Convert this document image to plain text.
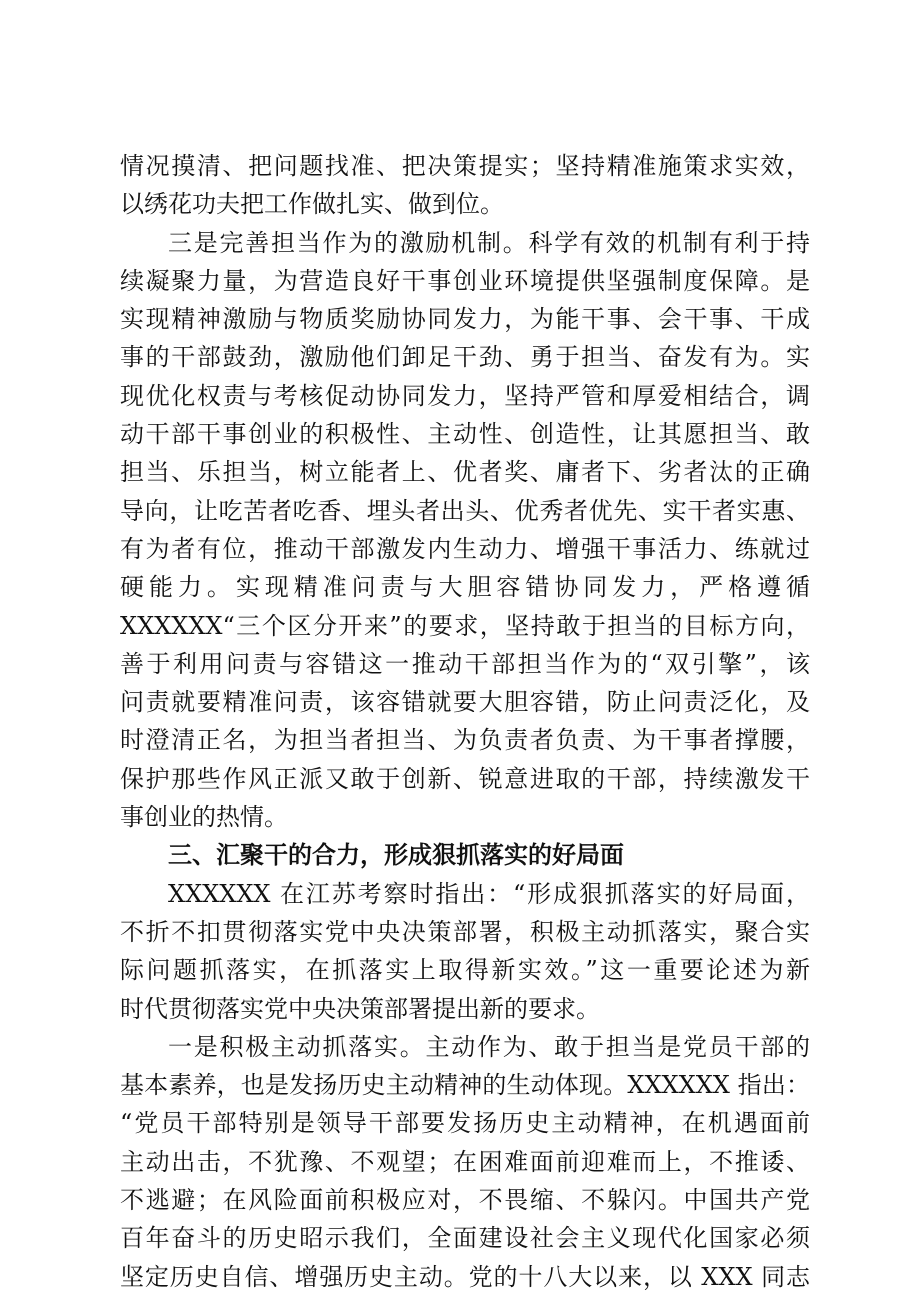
情况摸清、把问题找准、把决策提实；坚持精准施策求实效，
以绣花功夫把工作做扎实、做到位。
三是完善担当作为的激励机制。科学有效的机制有利于持
续凝聚力量，为营造良好干事创业环境提供坚强制度保障。是
实现精神激励与物质奖励协同发力，为能干事、会干事、干成
事的干部鼓劲，激励他们卸足干劲、勇于担当、奋发有为。实
现优化权责与考核促动协同发力，坚持严管和厚爱相结合，调
动干部干事创业的积极性、主动性、创造性，让其愿担当、敢
担当、乐担当，树立能者上、优者奖、庸者下、劣者汰的正确
导向，让吃苦者吃香、埋头者出头、优秀者优先、实干者实惠、
有为者有位，推动干部激发内生动力、增强干事活力、练就过
硬能力。实现精准问责与大胆容错协同发力，严格遵循
XXXXXX“三个区分开来”的要求，坚持敢于担当的目标方向，
善于利用问责与容错这一推动干部担当作为的“双引擎”，该
问责就要精准问责，该容错就要大胆容错，防止问责泛化，及
时澄清正名，为担当者担当、为负责者负责、为干事者撑腰，
保护那些作风正派又敢于创新、锐意进取的干部，持续激发干
事创业的热情。
三、汇聚干的合力，形成狠抓落实的好局面
XXXXXX 在江苏考察时指出：“形成狠抓落实的好局面，
不折不扣贯彻落实党中央决策部署，积极主动抓落实，聚合实
际问题抓落实，在抓落实上取得新实效。”这一重要论述为新
时代贯彻落实党中央决策部署提出新的要求。
一是积极主动抓落实。主动作为、敢于担当是党员干部的
基本素养，也是发扬历史主动精神的生动体现。XXXXXX 指出：
“党员干部特别是领导干部要发扬历史主动精神，在机遇面前
主动出击，不犹豫、不观望；在困难面前迎难而上，不推诿、
不逃避；在风险面前积极应对，不畏缩、不躲闪。中国共产党
百年奋斗的历史昭示我们，全面建设社会主义现代化国家必须
坚定历史自信、增强历史主动。党的十八大以来，以 XXX 同志
